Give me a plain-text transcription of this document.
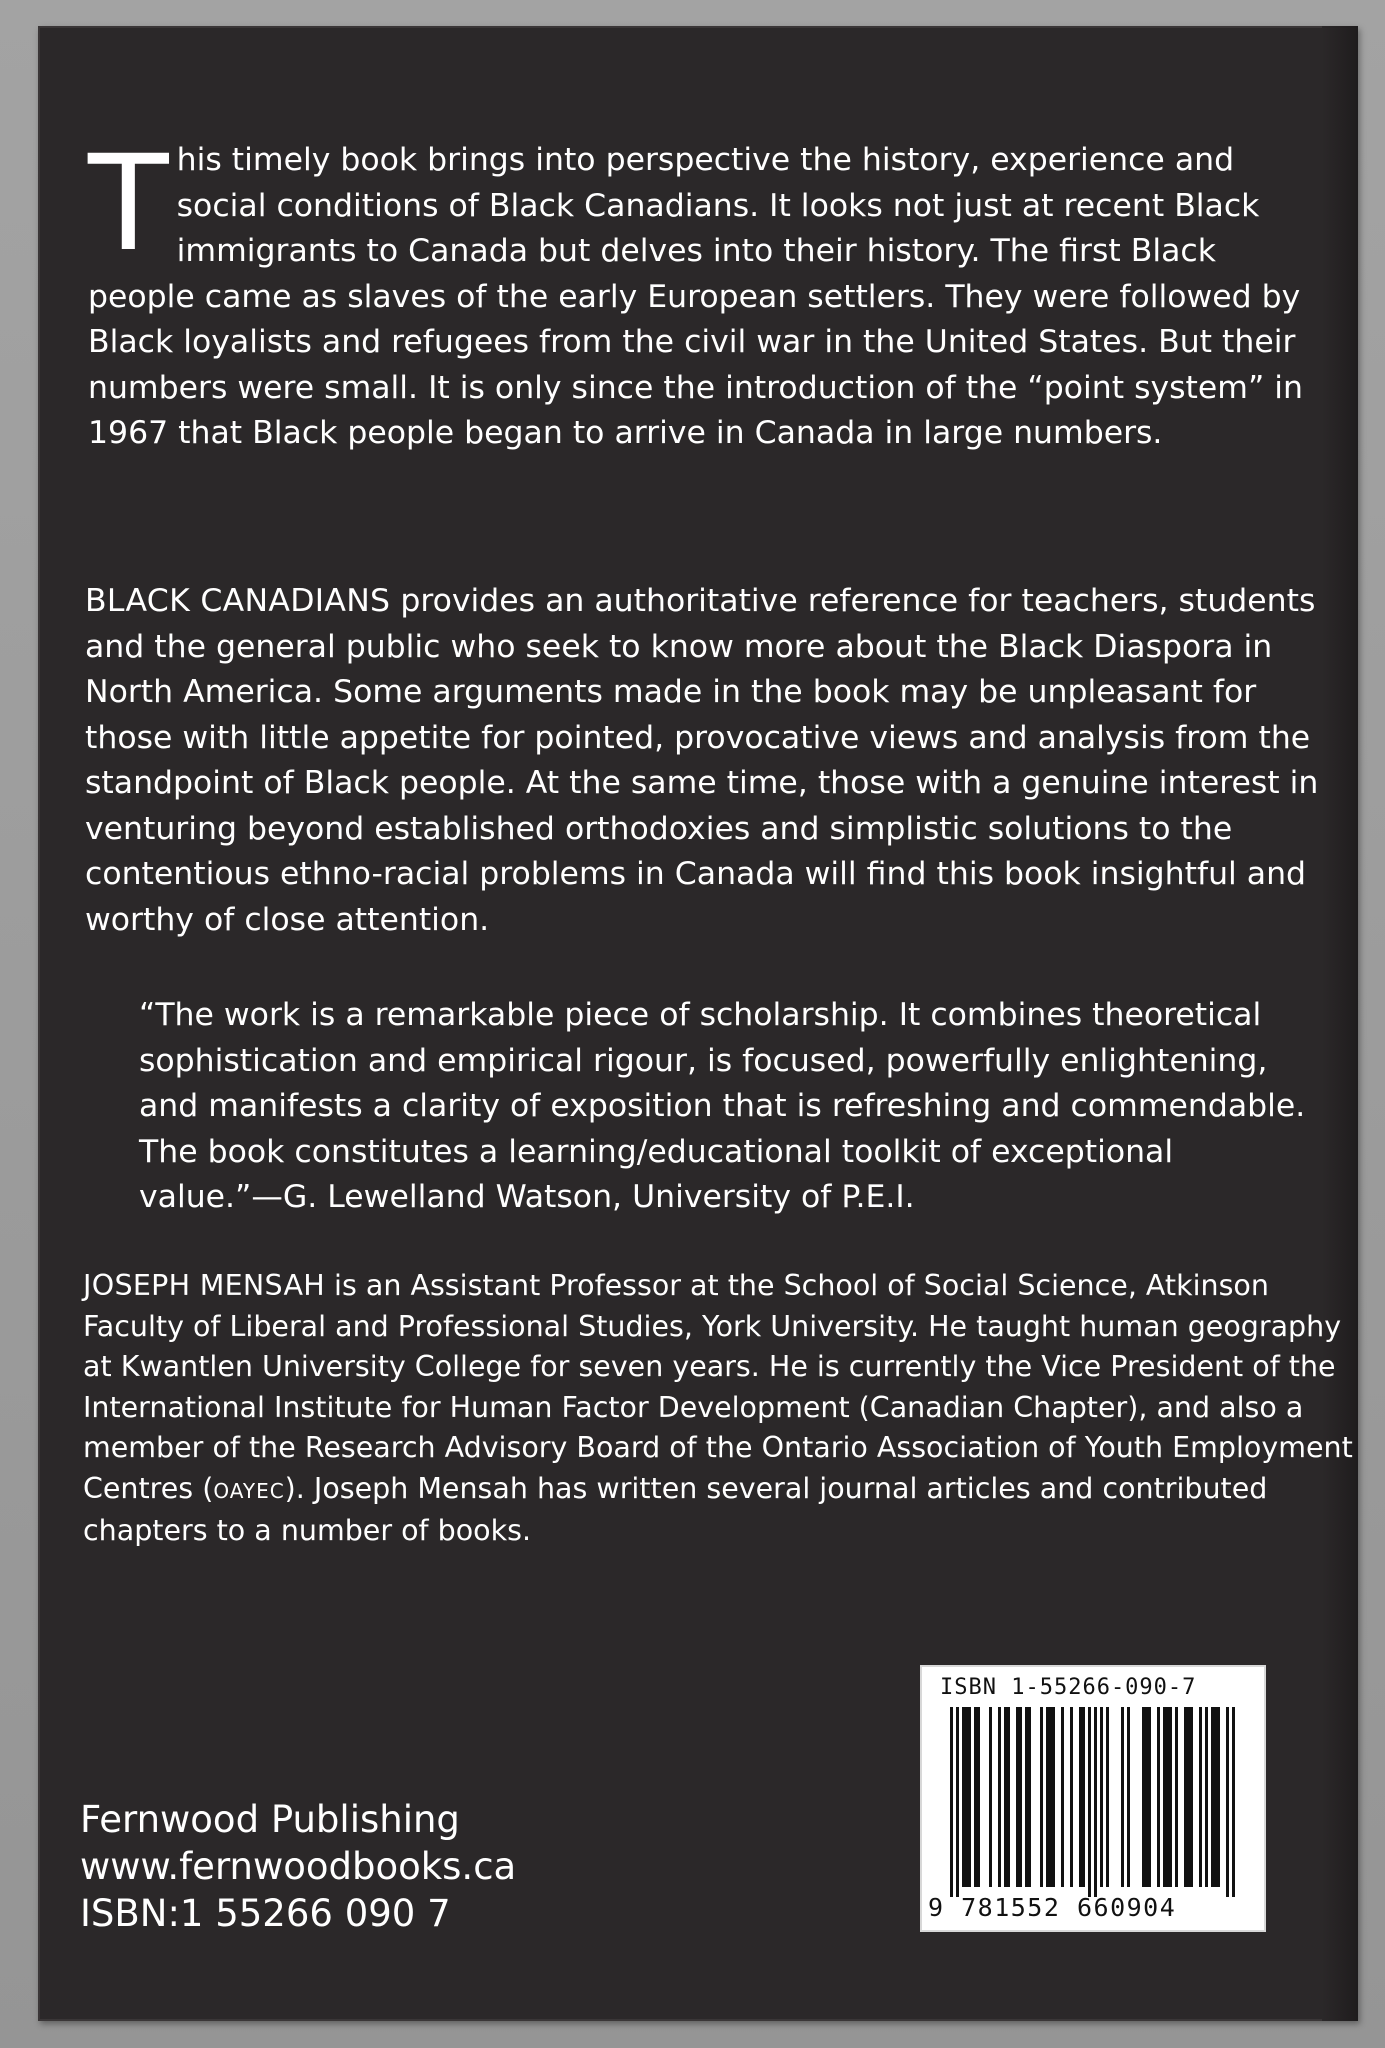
This timely book brings into perspective the history, experience and social conditions of Black Canadians. It looks not just at recent Black immigrants to Canada but delves into their history. The first Black people came as slaves of the early European settlers. They were followed by Black loyalists and refugees from the civil war in the United States. But their numbers were small. It is only since the introduction of the “point system” in 1967 that Black people began to arrive in Canada in large numbers.

BLACK CANADIANS provides an authoritative reference for teachers, students and the general public who seek to know more about the Black Diaspora in North America. Some arguments made in the book may be unpleasant for those with little appetite for pointed, provocative views and analysis from the standpoint of Black people. At the same time, those with a genuine interest in venturing beyond established orthodoxies and simplistic solutions to the contentious ethno-racial problems in Canada will find this book insightful and worthy of close attention.

“The work is a remarkable piece of scholarship. It combines theoretical sophistication and empirical rigour, is focused, powerfully enlightening, and manifests a clarity of exposition that is refreshing and commendable. The book constitutes a learning/educational toolkit of exceptional value.”—G. Lewelland Watson, University of P.E.I.

JOSEPH MENSAH is an Assistant Professor at the School of Social Science, Atkinson Faculty of Liberal and Professional Studies, York University. He taught human geography at Kwantlen University College for seven years. He is currently the Vice President of the International Institute for Human Factor Development (Canadian Chapter), and also a member of the Research Advisory Board of the Ontario Association of Youth Employment Centres (OAYEC). Joseph Mensah has written several journal articles and contributed chapters to a number of books.

Fernwood Publishing
www.fernwoodbooks.ca
ISBN:1 55266 090 7
ISBN 1-55266-090-7
9 781552 660904
